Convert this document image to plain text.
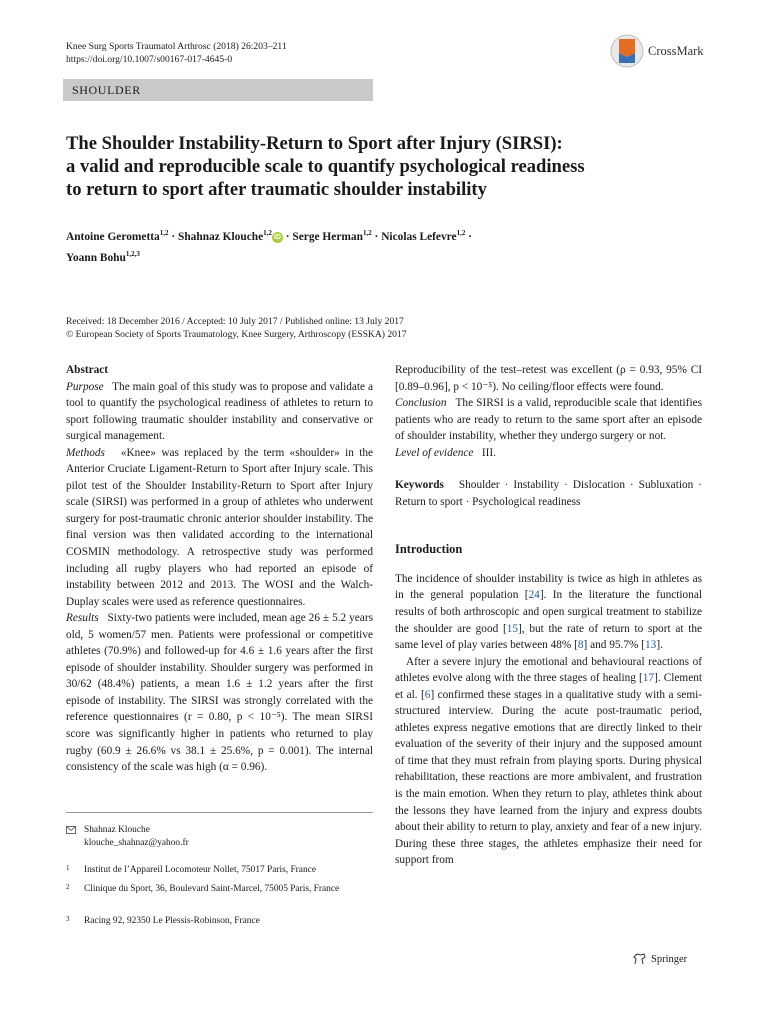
Knee Surg Sports Traumatol Arthrosc (2018) 26:203–211
https://doi.org/10.1007/s00167-017-4645-0
CrossMark
SHOULDER
The Shoulder Instability-Return to Sport after Injury (SIRSI):
a valid and reproducible scale to quantify psychological readiness
to return to sport after traumatic shoulder instability
Antoine Gerometta$^{1,2}$ · Shahnaz Klouche$^{1,2}$iD · Serge Herman$^{1,2}$ · Nicolas Lefevre$^{1,2}$ ·
Yoann Bohu$^{1,2,3}$
Received: 18 December 2016 / Accepted: 10 July 2017 / Published online: 13 July 2017
© European Society of Sports Traumatology, Knee Surgery, Arthroscopy (ESSKA) 2017

Abstract

Purpose The main goal of this study was to propose and validate a tool to quantify the psychological readiness of athletes to return to sport following traumatic shoulder instability and conservative or surgical management.

Methods «Knee» was replaced by the term «shoulder» in the Anterior Cruciate Ligament-Return to Sport after Injury scale. This pilot test of the Shoulder Instability-Return to Sport after Injury scale (SIRSI) was performed in a group of athletes who underwent surgery for post-traumatic chronic anterior shoulder instability. The final version was then validated according to the international COSMIN methodology. A retrospective study was performed including all rugby players who had reported an episode of instability between 2012 and 2013. The WOSI and the Walch-Duplay scales were used as reference questionnaires.

Results Sixty-two patients were included, mean age 26 ± 5.2 years old, 5 women/57 men. Patients were professional or competitive athletes (70.9%) and followed-up for 4.6 ± 1.6 years after the first episode of shoulder instability. Shoulder surgery was performed in 30/62 (48.4%) patients, a mean 1.6 ± 1.2 years after the first episode of instability. The SIRSI was strongly correlated with the reference questionnaires (r = 0.80, p < 10⁻⁵). The mean SIRSI score was significantly higher in patients who returned to play rugby (60.9 ± 26.6% vs 38.1 ± 25.6%, p = 0.001). The internal consistency of the scale was high (α = 0.96).

Reproducibility of the test–retest was excellent (ρ = 0.93, 95% CI [0.89–0.96], p < 10⁻⁵). No ceiling/floor effects were found.

Conclusion The SIRSI is a valid, reproducible scale that identifies patients who are ready to return to the same sport after an episode of shoulder instability, whether they undergo surgery or not.

Level of evidence III.

Keywords Shoulder · Instability · Dislocation · Subluxation · Return to sport · Psychological readiness

Introduction

The incidence of shoulder instability is twice as high in athletes as in the general population [24]. In the literature the functional results of both arthroscopic and open surgical treatment to stabilize the shoulder are good [15], but the rate of return to sport at the same level of play varies between 48% [8] and 95.7% [13].

After a severe injury the emotional and behavioural reactions of athletes evolve along with the three stages of healing [17]. Clement et al. [6] confirmed these stages in a qualitative study with a semi-structured interview. During the acute post-traumatic period, athletes express negative emotions that are directly linked to their evaluation of the severity of their injury and the supposed amount of time that they must refrain from playing sports. During physical rehabilitation, these reactions are more ambivalent, and frustration is the main emotion. When they return to play, athletes think about the lessons they have learned from the injury and express doubts about their ability to return to play, anxiety and fear of a new injury. During these three stages, the athletes emphasize their need for support from

Shahnaz Klouche
klouche_shahnaz@yahoo.fr
1 Institut de l’Appareil Locomoteur Nollet, 75017 Paris, France
2 Clinique du Sport, 36, Boulevard Saint-Marcel, 75005 Paris, France
3 Racing 92, 92350 Le Plessis-Robinson, France
Springer
